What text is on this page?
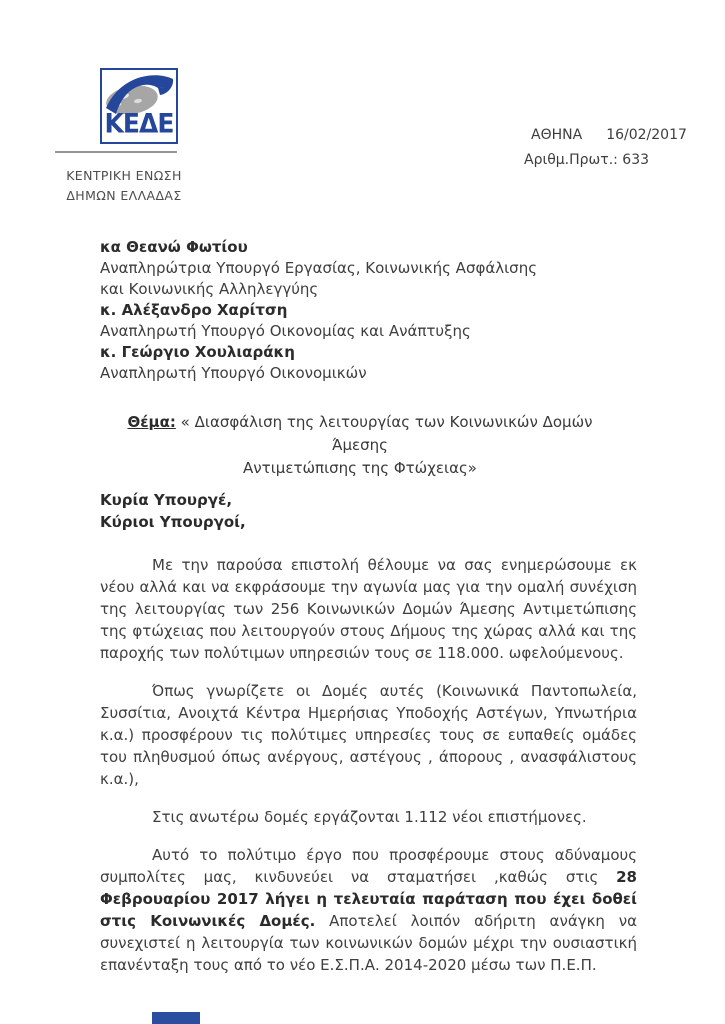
ΚΕΔΕ
ΚΕΝΤΡΙΚΗ ΕΝΩΣΗ
ΔΗΜΩΝ ΕΛΛΑΔΑΣ
ΑΘΗΝΑ 16/02/2017
Αριθμ.Πρωτ.: 633
κα Θεανώ Φωτίου
Αναπληρώτρια Υπουργό Εργασίας, Κοινωνικής Ασφάλισης και Κοινωνικής Αλληλεγγύης
κ. Αλέξανδρο Χαρίτση
Αναπληρωτή Υπουργό Οικονομίας και Ανάπτυξης
κ. Γεώργιο Χουλιαράκη
Αναπληρωτή Υπουργό Οικονομικών
Θέμα: « Διασφάλιση της λειτουργίας των Κοινωνικών Δομών Άμεσης
Αντιμετώπισης της Φτώχειας»
Κυρία Υπουργέ,
Κύριοι Υπουργοί,

Με την παρούσα επιστολή θέλουμε να σας ενημερώσουμε εκ νέου αλλά και να εκφράσουμε την αγωνία μας για την ομαλή συνέχιση της λειτουργίας των 256 Κοινωνικών Δομών Άμεσης Αντιμετώπισης της φτώχειας που λειτουργούν στους Δήμους της χώρας αλλά και της παροχής των πολύτιμων υπηρεσιών τους σε 118.000. ωφελούμενους.

Όπως γνωρίζετε οι Δομές αυτές (Κοινωνικά Παντοπωλεία, Συσσίτια, Ανοιχτά Κέντρα Ημερήσιας Υποδοχής Αστέγων, Υπνωτήρια κ.α.) προσφέρουν τις πολύτιμες υπηρεσίες τους σε ευπαθείς ομάδες του πληθυσμού όπως ανέργους, αστέγους , άπορους , ανασφάλιστους κ.α.),

Στις ανωτέρω δομές εργάζονται 1.112 νέοι επιστήμονες.

Αυτό το πολύτιμο έργο που προσφέρουμε στους αδύναμους συμπολίτες μας, κινδυνεύει να σταματήσει ,καθώς στις 28 Φεβρουαρίου 2017 λήγει η τελευταία παράταση που έχει δοθεί στις Κοινωνικές Δομές. Αποτελεί λοιπόν αδήριτη ανάγκη να συνεχιστεί η λειτουργία των κοινωνικών δομών μέχρι την ουσιαστική επανένταξη τους από το νέο Ε.Σ.Π.Α. 2014-2020 μέσω των Π.Ε.Π.
